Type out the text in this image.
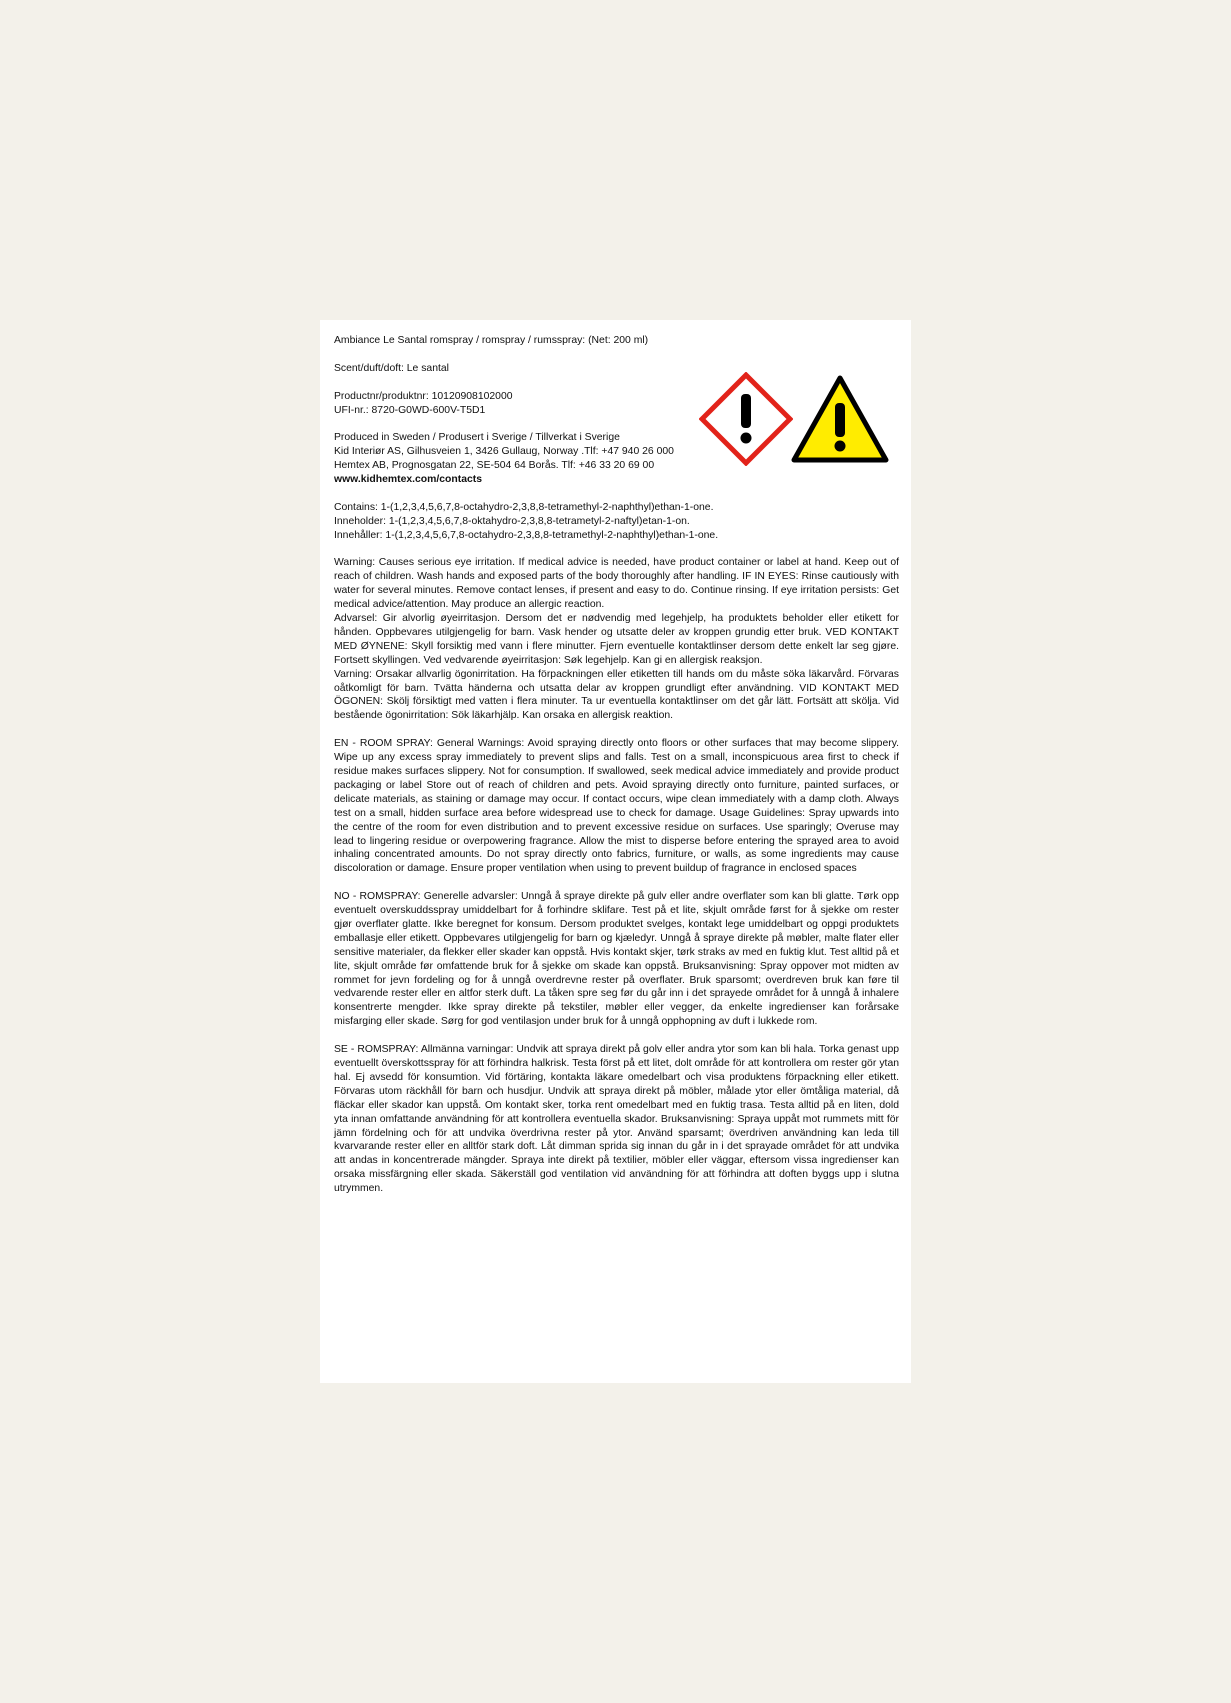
Ambiance Le Santal romspray / romspray / rumsspray: (Net: 200 ml)

Scent/duft/doft: Le santal

Productnr/produktnr: 10120908102000
UFI-nr.: 8720-G0WD-600V-T5D1

Produced in Sweden / Produsert i Sverige / Tillverkat i Sverige
Kid Interiør AS, Gilhusveien 1, 3426 Gullaug, Norway .Tlf: +47 940 26 000
Hemtex AB, Prognosgatan 22, SE-504 64 Borås. Tlf: +46 33 20 69 00
www.kidhemtex.com/contacts

Contains: 1-(1,2,3,4,5,6,7,8-octahydro-2,3,8,8-tetramethyl-2-naphthyl)ethan-1-one.
Inneholder: 1-(1,2,3,4,5,6,7,8-oktahydro-2,3,8,8-tetrametyl-2-naftyl)etan-1-on.
Innehåller: 1-(1,2,3,4,5,6,7,8-octahydro-2,3,8,8-tetramethyl-2-naphthyl)ethan-1-one.

Warning: Causes serious eye irritation. If medical advice is needed, have product container or label at hand. Keep out of reach of children. Wash hands and exposed parts of the body thoroughly after handling. IF IN EYES: Rinse cautiously with water for several minutes. Remove contact lenses, if present and easy to do. Continue rinsing. If eye irritation persists: Get medical advice/attention. May produce an allergic reaction.
Advarsel: Gir alvorlig øyeirritasjon. Dersom det er nødvendig med legehjelp, ha produktets beholder eller etikett for hånden. Oppbevares utilgjengelig for barn. Vask hender og utsatte deler av kroppen grundig etter bruk. VED KONTAKT MED ØYNENE: Skyll forsiktig med vann i flere minutter. Fjern eventuelle kontaktlinser dersom dette enkelt lar seg gjøre. Fortsett skyllingen. Ved vedvarende øyeirritasjon: Søk legehjelp. Kan gi en allergisk reaksjon.
Varning: Orsakar allvarlig ögonirritation. Ha förpackningen eller etiketten till hands om du måste söka läkarvård. Förvaras oåtkomligt för barn. Tvätta händerna och utsatta delar av kroppen grundligt efter användning. VID KONTAKT MED ÖGONEN: Skölj försiktigt med vatten i flera minuter. Ta ur eventuella kontaktlinser om det går lätt. Fortsätt att skölja. Vid bestående ögonirritation: Sök läkarhjälp. Kan orsaka en allergisk reaktion.

EN - ROOM SPRAY: General Warnings: Avoid spraying directly onto floors or other surfaces that may become slippery. Wipe up any excess spray immediately to prevent slips and falls. Test on a small, inconspicuous area first to check if residue makes surfaces slippery. Not for consumption. If swallowed, seek medical advice immediately and provide product packaging or label Store out of reach of children and pets. Avoid spraying directly onto furniture, painted surfaces, or delicate materials, as staining or damage may occur. If contact occurs, wipe clean immediately with a damp cloth. Always test on a small, hidden surface area before widespread use to check for damage. Usage Guidelines: Spray upwards into the centre of the room for even distribution and to prevent excessive residue on surfaces. Use sparingly; Overuse may lead to lingering residue or overpowering fragrance. Allow the mist to disperse before entering the sprayed area to avoid inhaling concentrated amounts. Do not spray directly onto fabrics, furniture, or walls, as some ingredients may cause discoloration or damage. Ensure proper ventilation when using to prevent buildup of fragrance in enclosed spaces

NO - ROMSPRAY: Generelle advarsler: Unngå å spraye direkte på gulv eller andre overflater som kan bli glatte. Tørk opp eventuelt overskuddsspray umiddelbart for å forhindre sklifare. Test på et lite, skjult område først for å sjekke om rester gjør overflater glatte. Ikke beregnet for konsum. Dersom produktet svelges, kontakt lege umiddelbart og oppgi produktets emballasje eller etikett. Oppbevares utilgjengelig for barn og kjæledyr. Unngå å spraye direkte på møbler, malte flater eller sensitive materialer, da flekker eller skader kan oppstå. Hvis kontakt skjer, tørk straks av med en fuktig klut. Test alltid på et lite, skjult område før omfattende bruk for å sjekke om skade kan oppstå. Bruksanvisning: Spray oppover mot midten av rommet for jevn fordeling og for å unngå overdrevne rester på overflater. Bruk sparsomt; overdreven bruk kan føre til vedvarende rester eller en altfor sterk duft. La tåken spre seg før du går inn i det sprayede området for å unngå å inhalere konsentrerte mengder. Ikke spray direkte på tekstiler, møbler eller vegger, da enkelte ingredienser kan forårsake misfarging eller skade. Sørg for god ventilasjon under bruk for å unngå opphopning av duft i lukkede rom.

SE - ROMSPRAY: Allmänna varningar: Undvik att spraya direkt på golv eller andra ytor som kan bli hala. Torka genast upp eventuellt överskottsspray för att förhindra halkrisk. Testa först på ett litet, dolt område för att kontrollera om rester gör ytan hal. Ej avsedd för konsumtion. Vid förtäring, kontakta läkare omedelbart och visa produktens förpackning eller etikett. Förvaras utom räckhåll för barn och husdjur. Undvik att spraya direkt på möbler, målade ytor eller ömtåliga material, då fläckar eller skador kan uppstå. Om kontakt sker, torka rent omedelbart med en fuktig trasa. Testa alltid på en liten, dold yta innan omfattande användning för att kontrollera eventuella skador. Bruksanvisning: Spraya uppåt mot rummets mitt för jämn fördelning och för att undvika överdrivna rester på ytor. Använd sparsamt; överdriven användning kan leda till kvarvarande rester eller en alltför stark doft. Låt dimman sprida sig innan du går in i det sprayade området för att undvika att andas in koncentrerade mängder. Spraya inte direkt på textilier, möbler eller väggar, eftersom vissa ingredienser kan orsaka missfärgning eller skada. Säkerställ god ventilation vid användning för att förhindra att doften byggs upp i slutna utrymmen.
